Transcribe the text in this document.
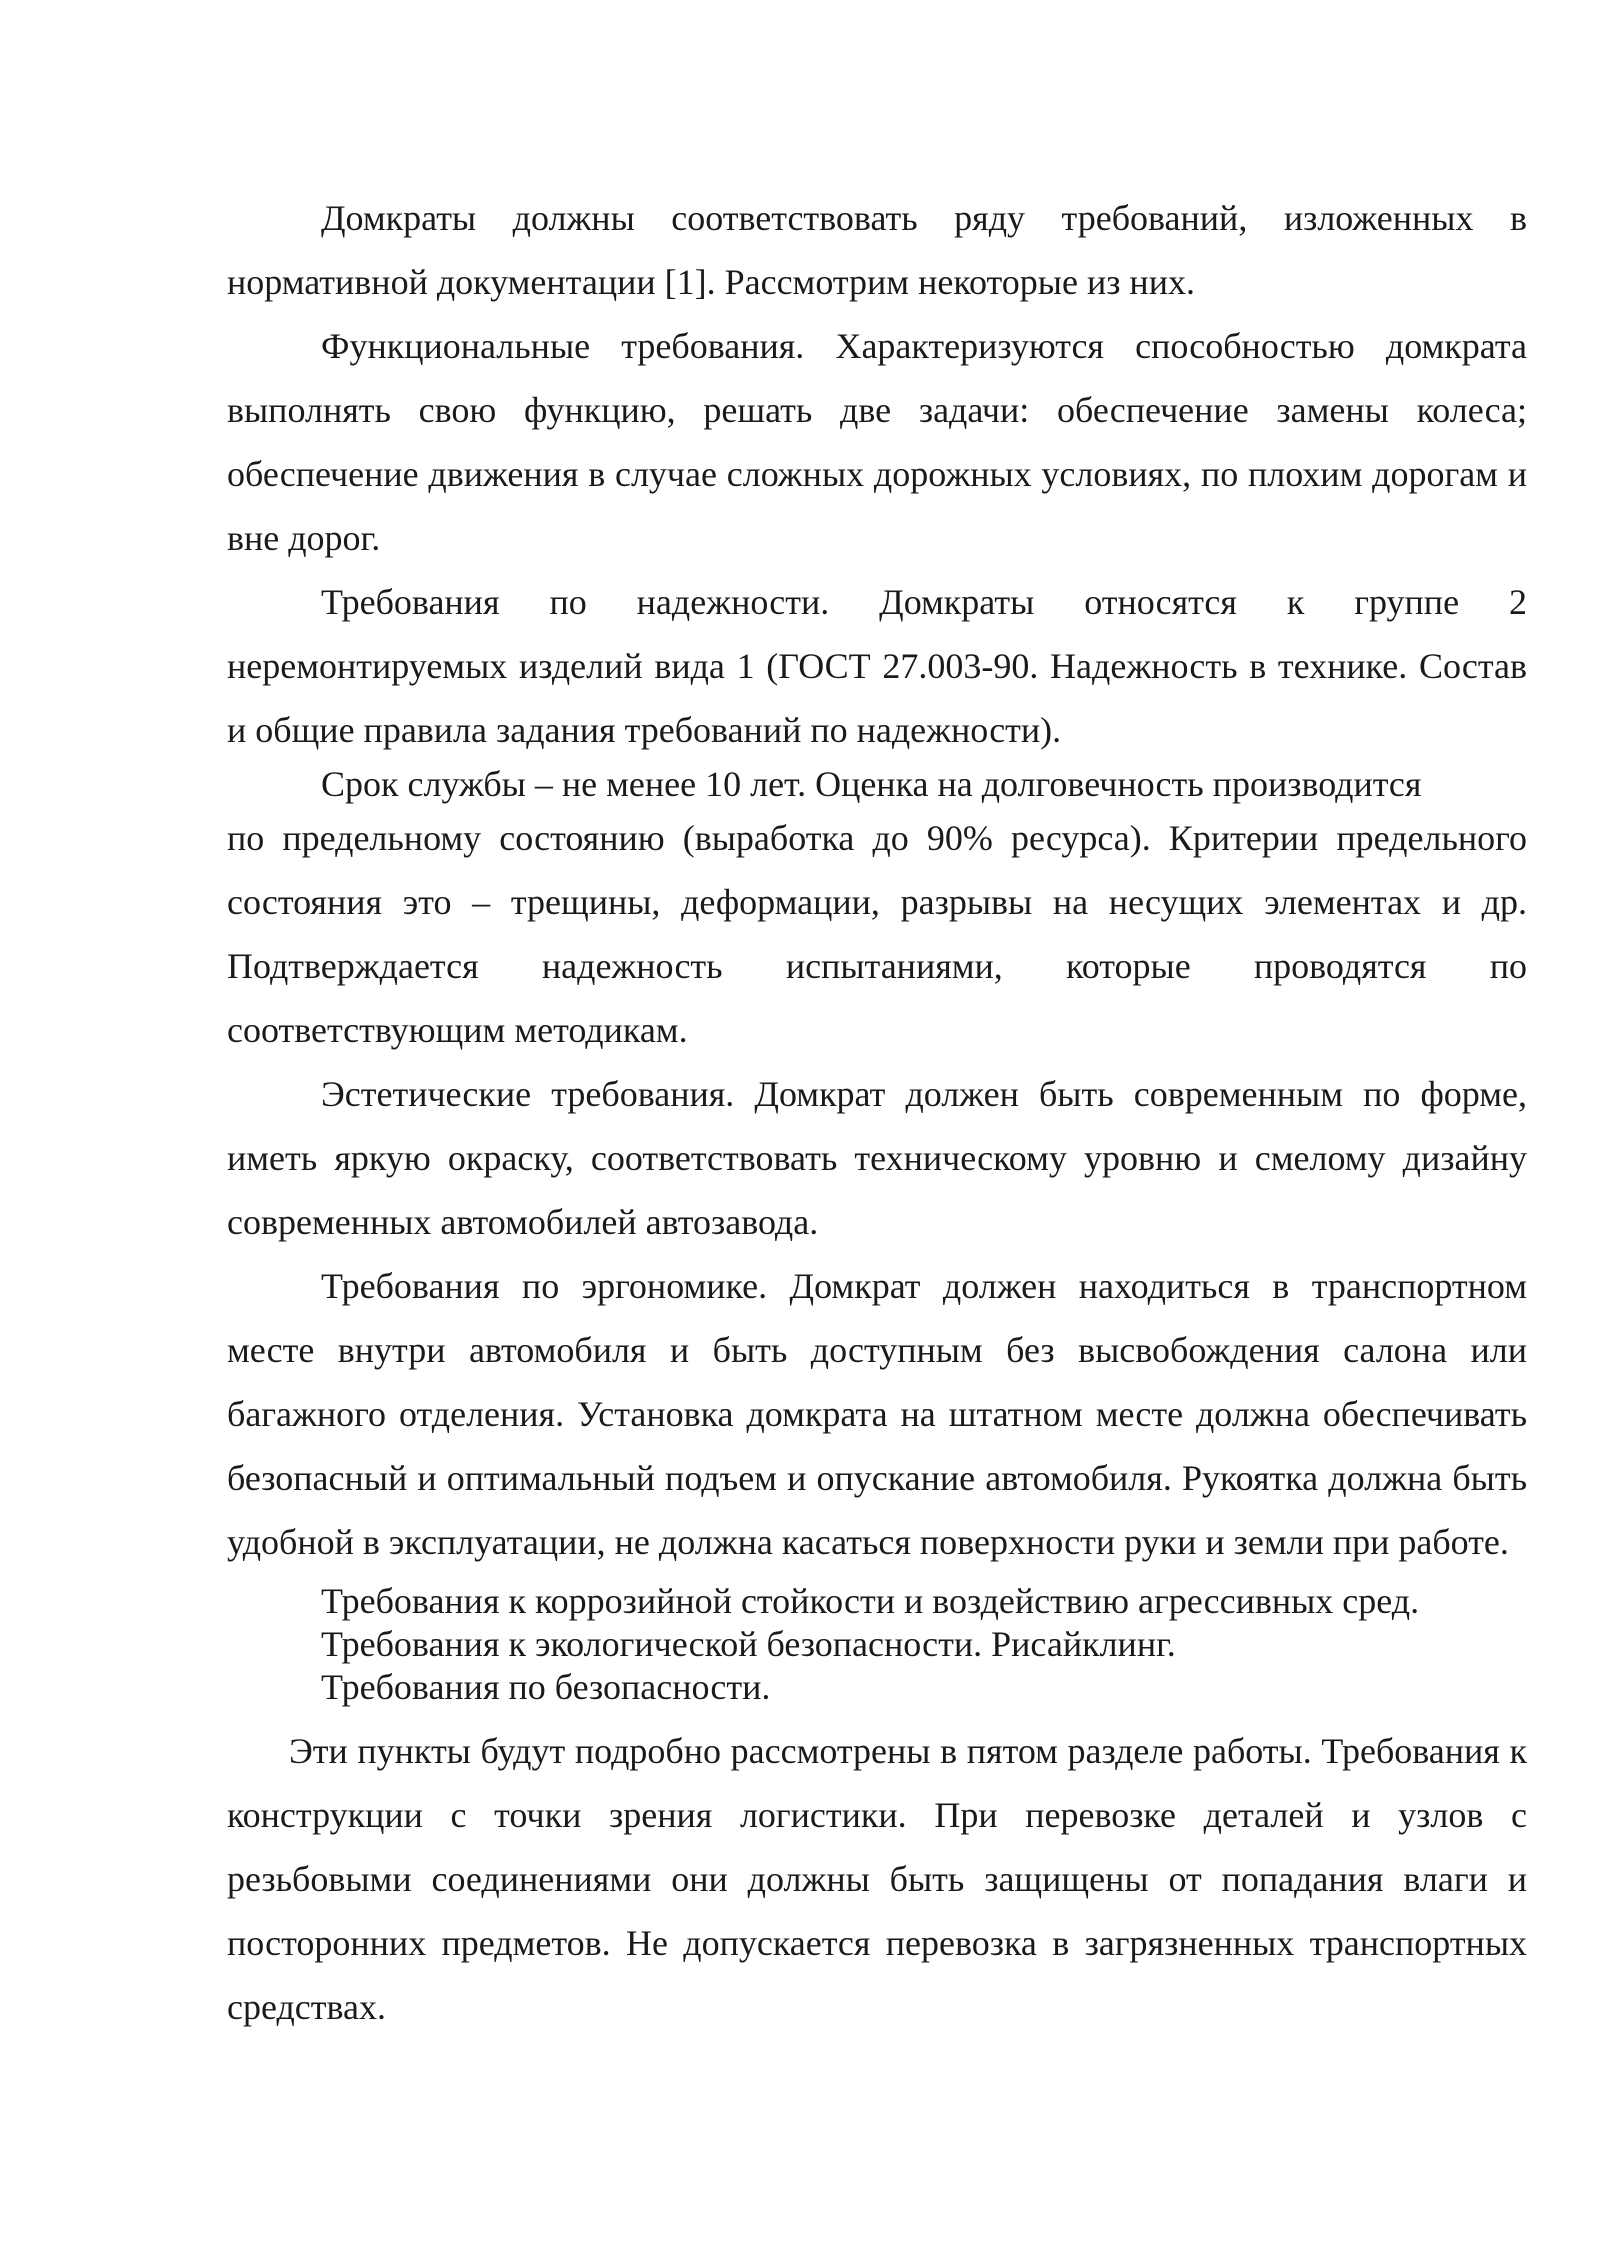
Домкраты должны соответствовать ряду требований, изложенных в нормативной документации [1]. Рассмотрим некоторые из них.

Функциональные требования. Характеризуются способностью домкрата выполнять свою функцию, решать две задачи: обеспечение замены колеса; обеспечение движения в случае сложных дорожных условиях, по плохим дорогам и вне дорог.

Требования по надежности. Домкраты относятся к группе 2 неремонтируемых изделий вида 1 (ГОСТ 27.003-90. Надежность в технике. Состав и общие правила задания требований по надежности).

Срок службы – не менее 10 лет. Оценка на долговечность производится

по предельному состоянию (выработка до 90% ресурса). Критерии предельного состояния это – трещины, деформации, разрывы на несущих элементах и др. Подтверждается надежность испытаниями, которые проводятся по соответствующим методикам.

Эстетические требования. Домкрат должен быть современным по форме, иметь яркую окраску, соответствовать техническому уровню и смелому дизайну современных автомобилей автозавода.

Требования по эргономике. Домкрат должен находиться в транспортном месте внутри автомобиля и быть доступным без высвобождения салона или багажного отделения. Установка домкрата на штатном месте должна обеспечивать безопасный и оптимальный подъем и опускание автомобиля. Рукоятка должна быть удобной в эксплуатации, не должна касаться поверхности руки и земли при работе.

Требования к коррозийной стойкости и воздействию агрессивных сред.
Требования к экологической безопасности. Рисайклинг.
Требования по безопасности.

Эти пункты будут подробно рассмотрены в пятом разделе работы. Требования к конструкции с точки зрения логистики. При перевозке деталей и узлов с резьбовыми соединениями они должны быть защищены от попадания влаги и посторонних предметов. Не допускается перевозка в загрязненных транспортных средствах.
